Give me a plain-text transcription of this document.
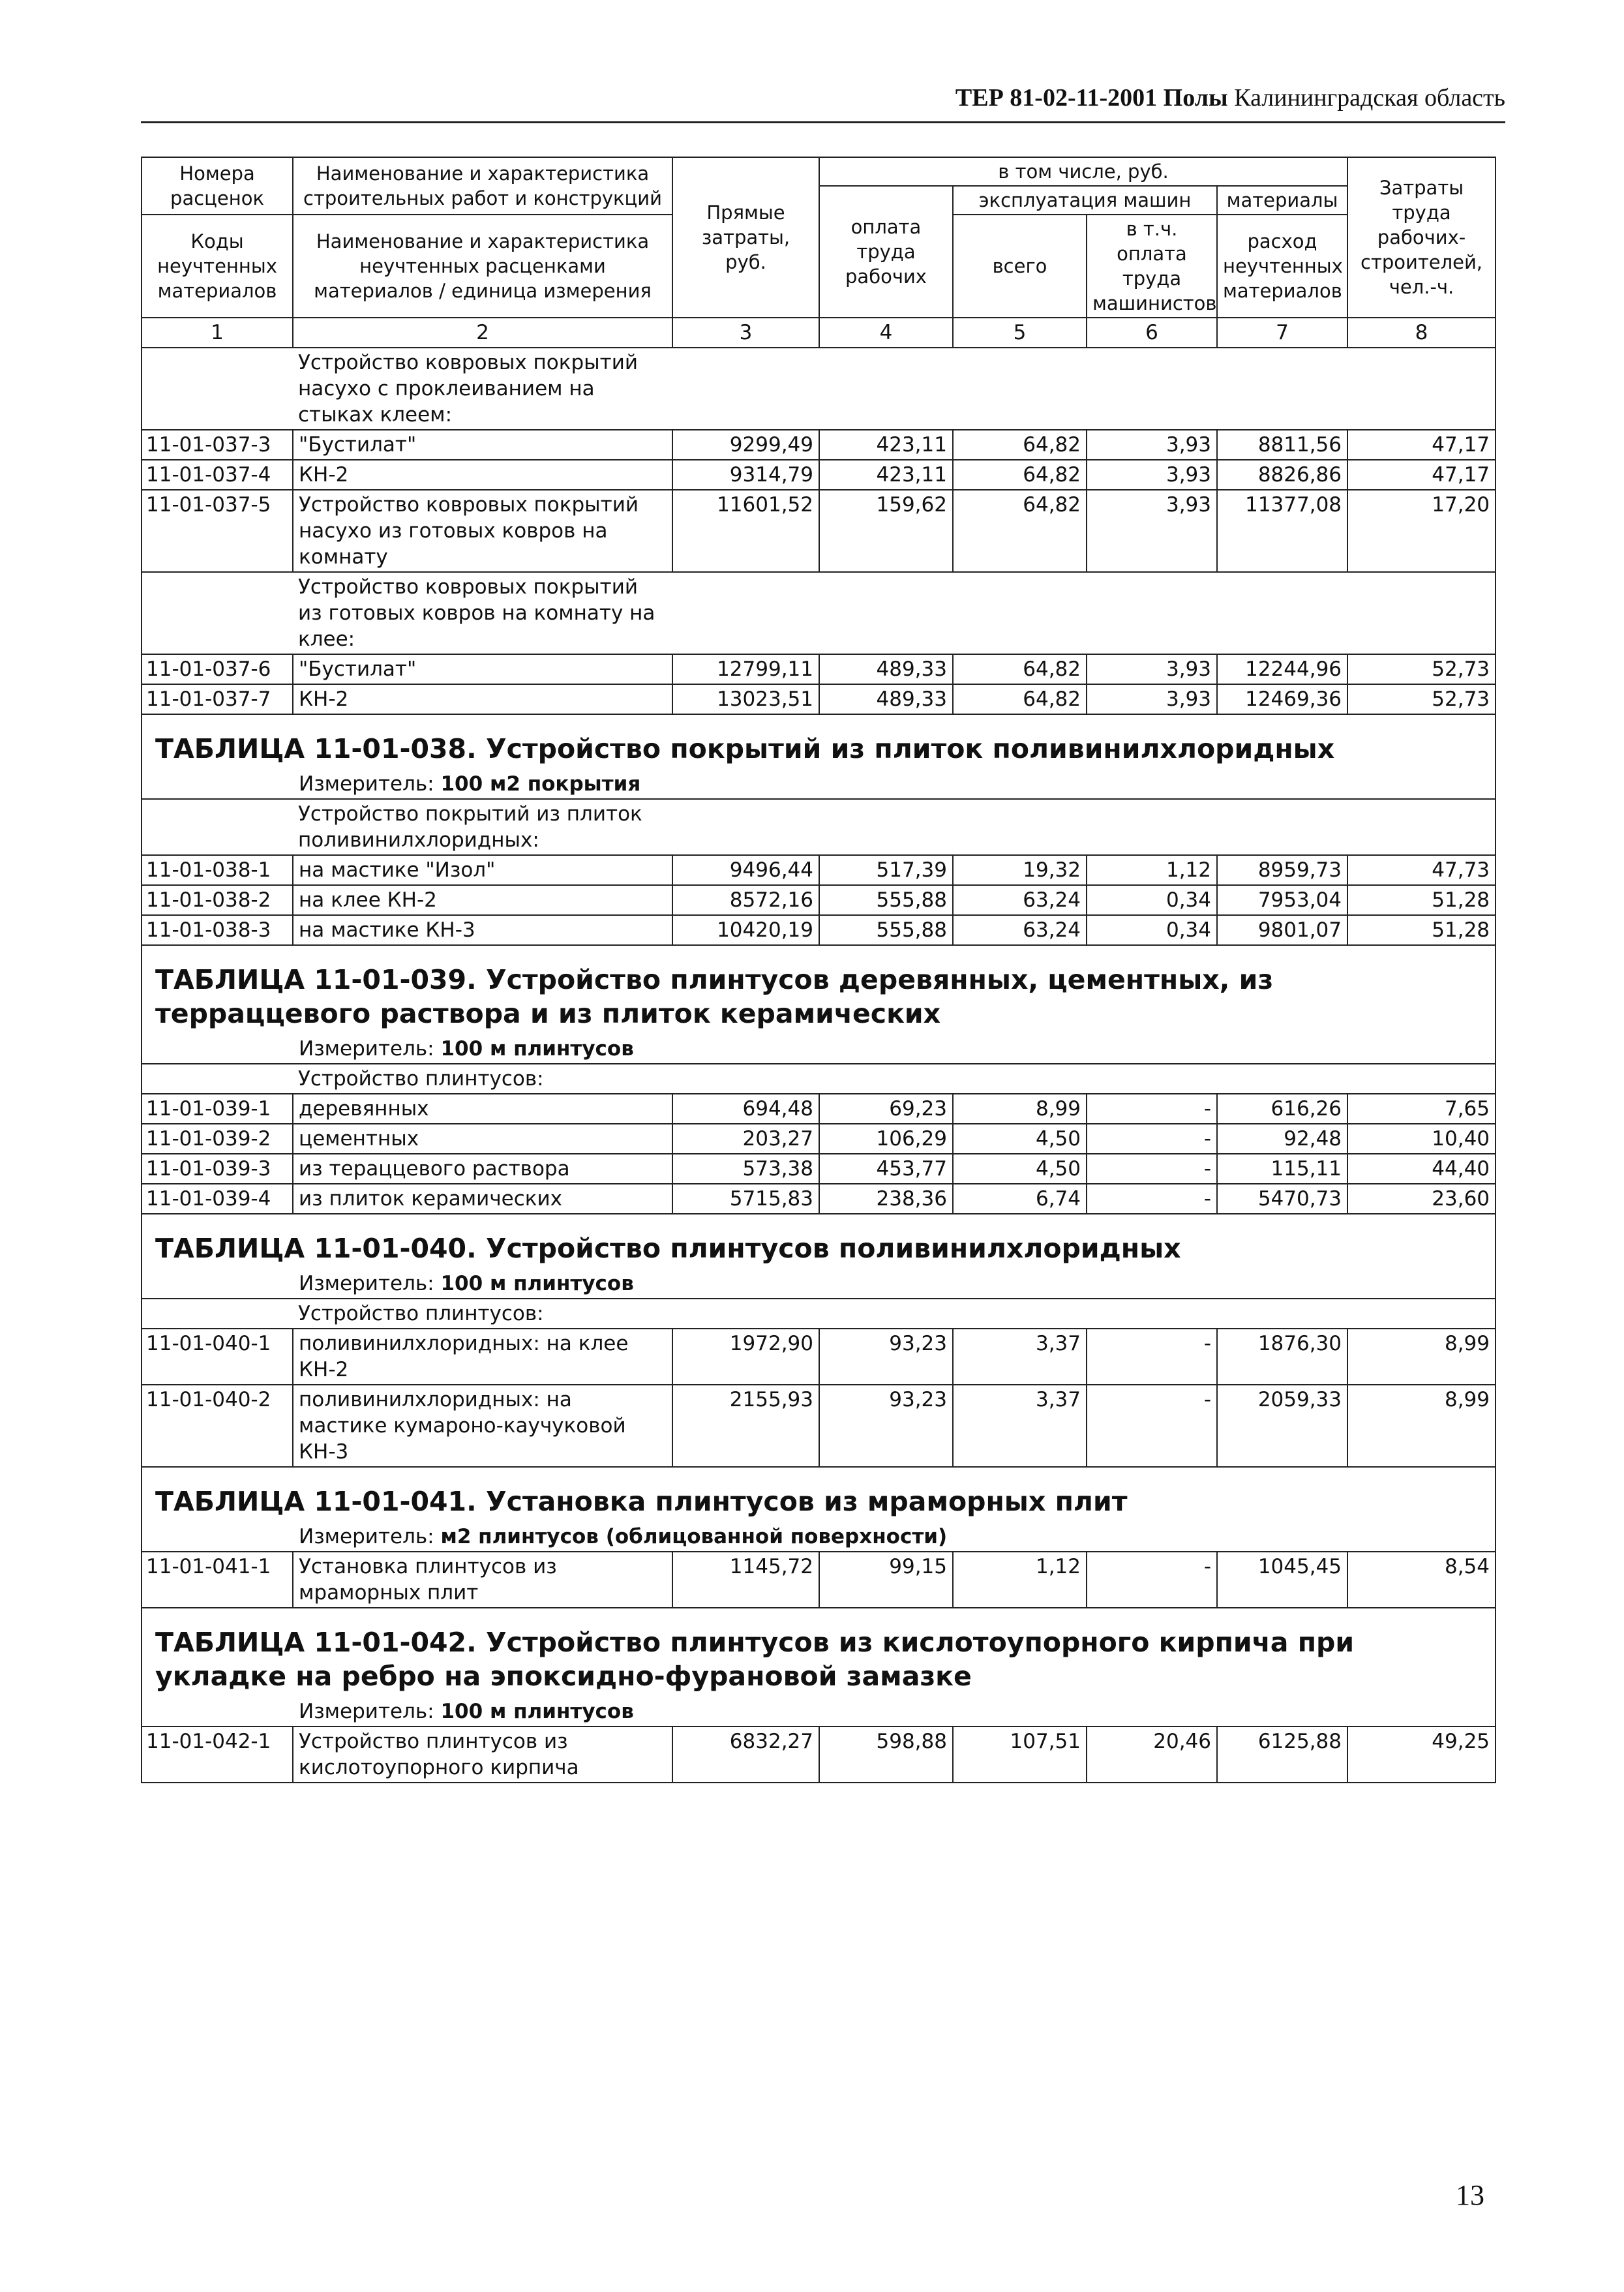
ТЕР 81-02-11-2001 Полы Калининградская область
Номера расценок	Наименование и характеристика строительных работ и конструкций	Прямые затраты, руб.	в том числе, руб.				Затраты труда рабочих-строителей, чел.-ч.
			оплата труда рабочих	эксплуатация машин		материалы	
Коды неучтенных материалов	Наименование и характеристика неучтенных расценками материалов / единица измерения			всего	в т.ч. оплата труда машинистов	расход неучтенных материалов	

1	2	3	4	5	6	7	8
	Устройство ковровых покрытий насухо с проклеиванием на стыках клеем:						
11-01-037-3	"Бустилат"	9299,49	423,11	64,82	3,93	8811,56	47,17
11-01-037-4	КН-2	9314,79	423,11	64,82	3,93	8826,86	47,17
11-01-037-5	Устройство ковровых покрытий насухо из готовых ковров на комнату	11601,52	159,62	64,82	3,93	11377,08	17,20
	Устройство ковровых покрытий из готовых ковров на комнату на клее:						
11-01-037-6	"Бустилат"	12799,11	489,33	64,82	3,93	12244,96	52,73
11-01-037-7	КН-2	13023,51	489,33	64,82	3,93	12469,36	52,73
ТАБЛИЦА 11-01-038. Устройство покрытий из плиток поливинилхлоридных							
Измеритель: 100 м2 покрытия							
	Устройство покрытий из плиток поливинилхлоридных:						
11-01-038-1	на мастике "Изол"	9496,44	517,39	19,32	1,12	8959,73	47,73
11-01-038-2	на клее КН-2	8572,16	555,88	63,24	0,34	7953,04	51,28
11-01-038-3	на мастике КН-3	10420,19	555,88	63,24	0,34	9801,07	51,28
ТАБЛИЦА 11-01-039. Устройство плинтусов деревянных, цементных, из терраццевого раствора и из плиток керамических							
Измеритель: 100 м плинтусов							
	Устройство плинтусов:						
11-01-039-1	деревянных	694,48	69,23	8,99	-	616,26	7,65
11-01-039-2	цементных	203,27	106,29	4,50	-	92,48	10,40
11-01-039-3	из тераццевого раствора	573,38	453,77	4,50	-	115,11	44,40
11-01-039-4	из плиток керамических	5715,83	238,36	6,74	-	5470,73	23,60
ТАБЛИЦА 11-01-040. Устройство плинтусов поливинилхлоридных							
Измеритель: 100 м плинтусов							
	Устройство плинтусов:						
11-01-040-1	поливинилхлоридных: на клее КН-2	1972,90	93,23	3,37	-	1876,30	8,99
11-01-040-2	поливинилхлоридных: на мастике кумароно-каучуковой КН-3	2155,93	93,23	3,37	-	2059,33	8,99
ТАБЛИЦА 11-01-041. Установка плинтусов из мраморных плит							
Измеритель: м2 плинтусов (облицованной поверхности)							
11-01-041-1	Установка плинтусов из мраморных плит	1145,72	99,15	1,12	-	1045,45	8,54
ТАБЛИЦА 11-01-042. Устройство плинтусов из кислотоупорного кирпича при укладке на ребро на эпоксидно-фурановой замазке							
Измеритель: 100 м плинтусов							
11-01-042-1	Устройство плинтусов из кислотоупорного кирпича	6832,27	598,88	107,51	20,46	6125,88	49,25
13
